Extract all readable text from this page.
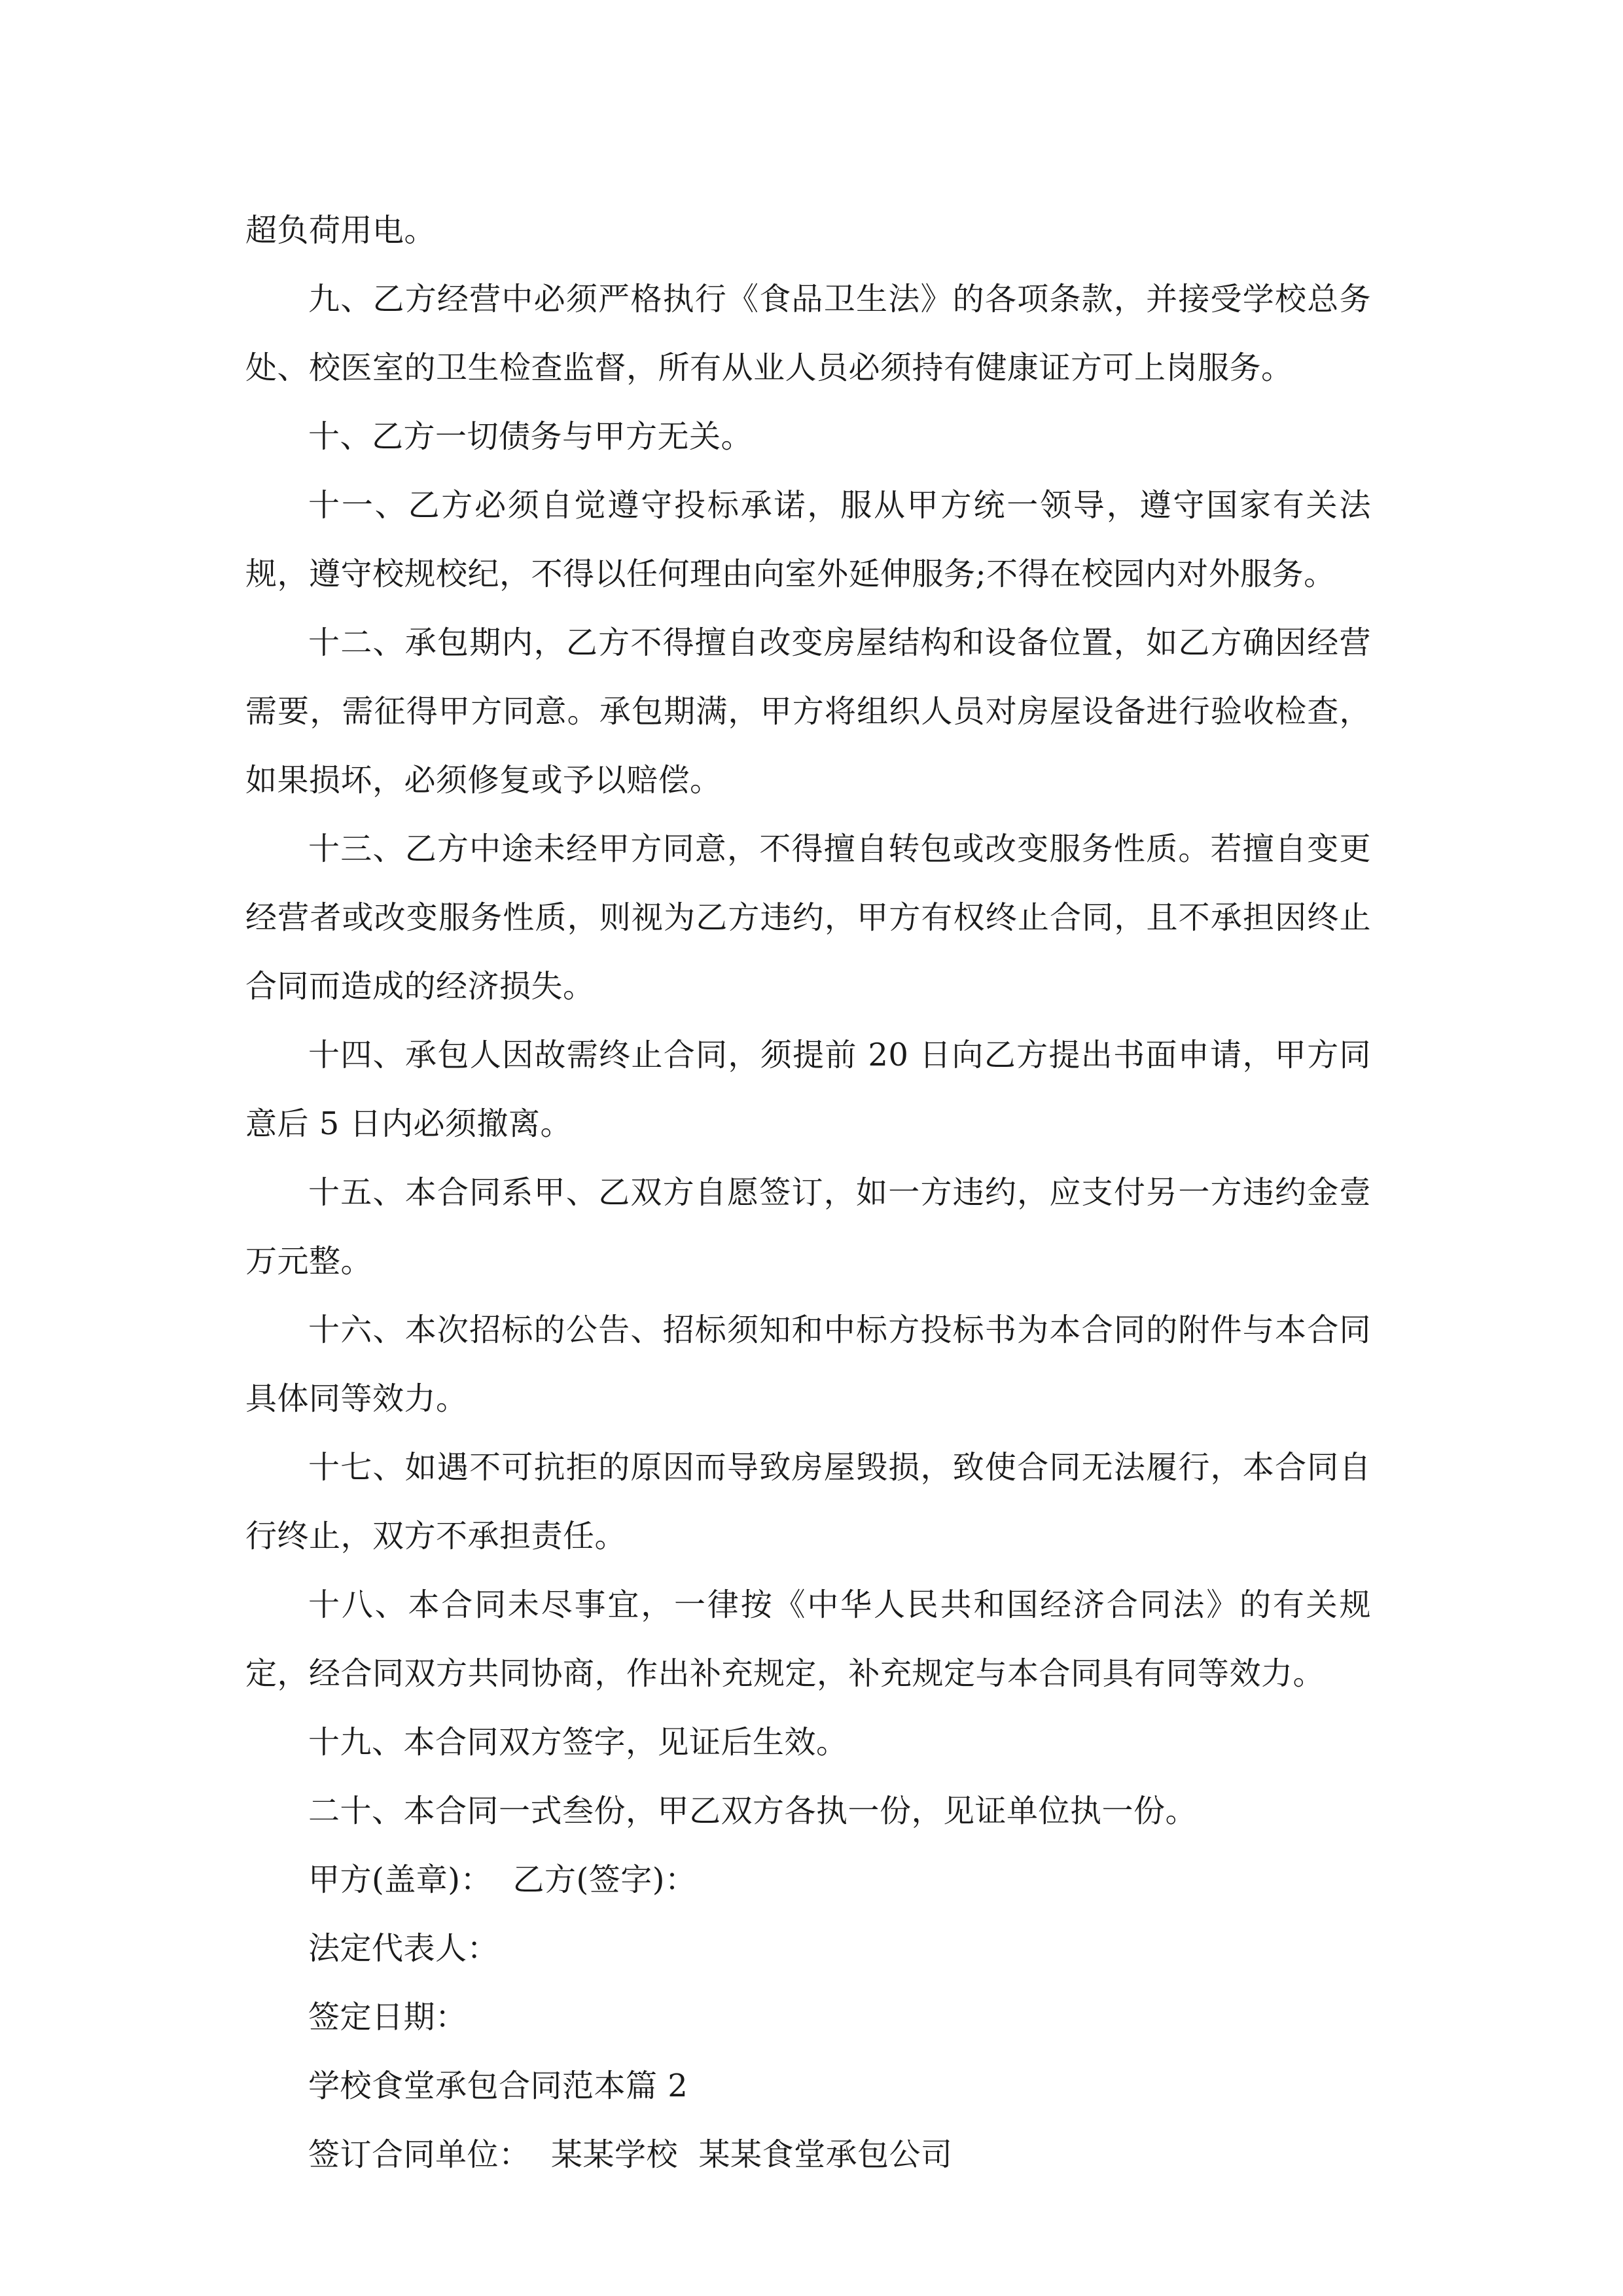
超负荷用电。

九、乙方经营中必须严格执行《食品卫生法》的各项条款，并接受学校总务处、校医室的卫生检查监督，所有从业人员必须持有健康证方可上岗服务。

十、乙方一切债务与甲方无关。

十一、乙方必须自觉遵守投标承诺，服从甲方统一领导，遵守国家有关法规，遵守校规校纪，不得以任何理由向室外延伸服务;不得在校园内对外服务。

十二、承包期内，乙方不得擅自改变房屋结构和设备位置，如乙方确因经营需要，需征得甲方同意。承包期满，甲方将组织人员对房屋设备进行验收检查，如果损坏，必须修复或予以赔偿。

十三、乙方中途未经甲方同意，不得擅自转包或改变服务性质。若擅自变更经营者或改变服务性质，则视为乙方违约，甲方有权终止合同，且不承担因终止合同而造成的经济损失。

十四、承包人因故需终止合同，须提前 20 日向乙方提出书面申请，甲方同意后 5 日内必须撤离。

十五、本合同系甲、乙双方自愿签订，如一方违约，应支付另一方违约金壹万元整。

十六、本次招标的公告、招标须知和中标方投标书为本合同的附件与本合同具体同等效力。

十七、如遇不可抗拒的原因而导致房屋毁损，致使合同无法履行，本合同自行终止，双方不承担责任。

十八、本合同未尽事宜，一律按《中华人民共和国经济合同法》的有关规定，经合同双方共同协商，作出补充规定，补充规定与本合同具有同等效力。

十九、本合同双方签字，见证后生效。

二十、本合同一式叁份，甲乙双方各执一份，见证单位执一份。

甲方(盖章)：  乙方(签字)：

法定代表人：

签定日期：

学校食堂承包合同范本篇 2

签订合同单位：  某某学校  某某食堂承包公司
